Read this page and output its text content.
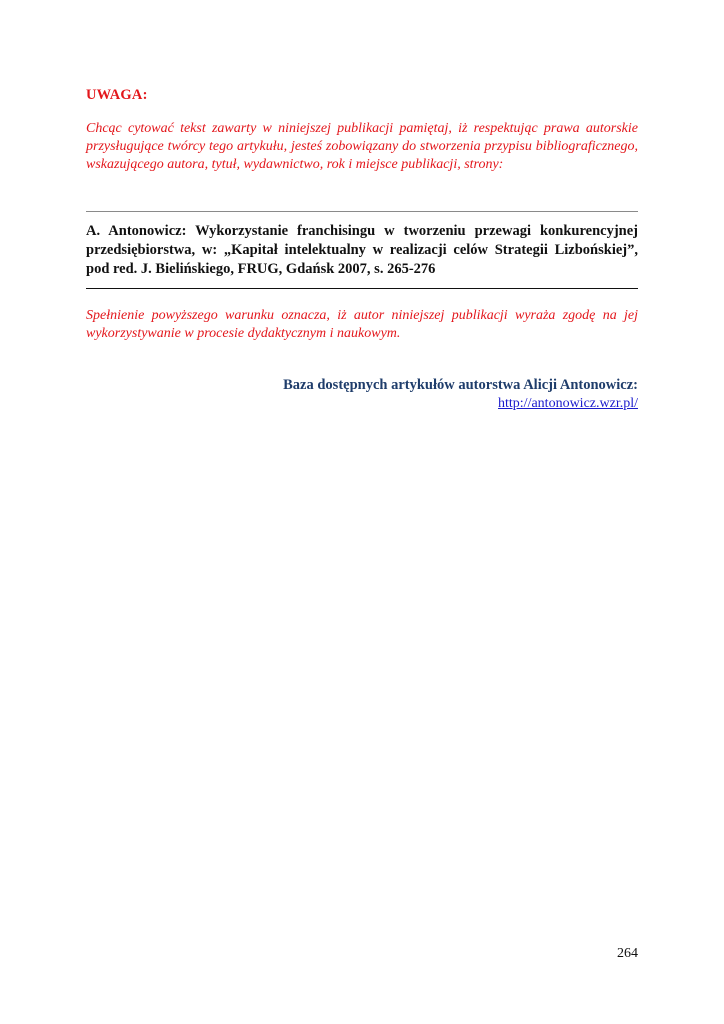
UWAGA:
Chcąc cytować tekst zawarty w niniejszej publikacji pamiętaj, iż respektując prawa autorskie przysługujące twórcy tego artykułu, jesteś zobowiązany do stworzenia przypisu bibliograficznego, wskazującego autora, tytuł, wydawnictwo, rok i miejsce publikacji, strony:
A. Antonowicz: Wykorzystanie franchisingu w tworzeniu przewagi konkurencyjnej przedsiębiorstwa, w: „Kapitał intelektualny w realizacji celów Strategii Lizbońskiej”, pod red. J. Bielińskiego, FRUG, Gdańsk 2007, s. 265-276
Spełnienie powyższego warunku oznacza, iż autor niniejszej publikacji wyraża zgodę na jej wykorzystywanie w procesie dydaktycznym i naukowym.
Baza dostępnych artykułów autorstwa Alicji Antonowicz:
http://antonowicz.wzr.pl/
264
